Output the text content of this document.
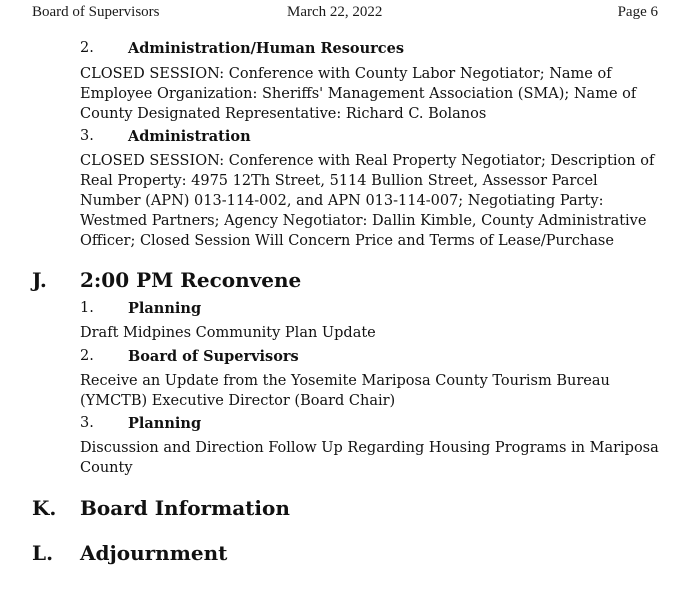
Board of Supervisors	March 22, 2022	Page 6
2. Administration/Human Resources
CLOSED SESSION: Conference with County Labor Negotiator; Name of Employee Organization: Sheriffs' Management Association (SMA); Name of County Designated Representative: Richard C. Bolanos
3. Administration
CLOSED SESSION: Conference with Real Property Negotiator; Description of Real Property: 4975 12Th Street, 5114 Bullion Street, Assessor Parcel Number (APN) 013-114-002, and APN 013-114-007; Negotiating Party: Westmed Partners; Agency Negotiator: Dallin Kimble, County Administrative Officer; Closed Session Will Concern Price and Terms of Lease/Purchase
J. 2:00 PM Reconvene
1. Planning
Draft Midpines Community Plan Update
2. Board of Supervisors
Receive an Update from the Yosemite Mariposa County Tourism Bureau (YMCTB) Executive Director (Board Chair)
3. Planning
Discussion and Direction Follow Up Regarding Housing Programs in Mariposa County
K. Board Information
L. Adjournment
